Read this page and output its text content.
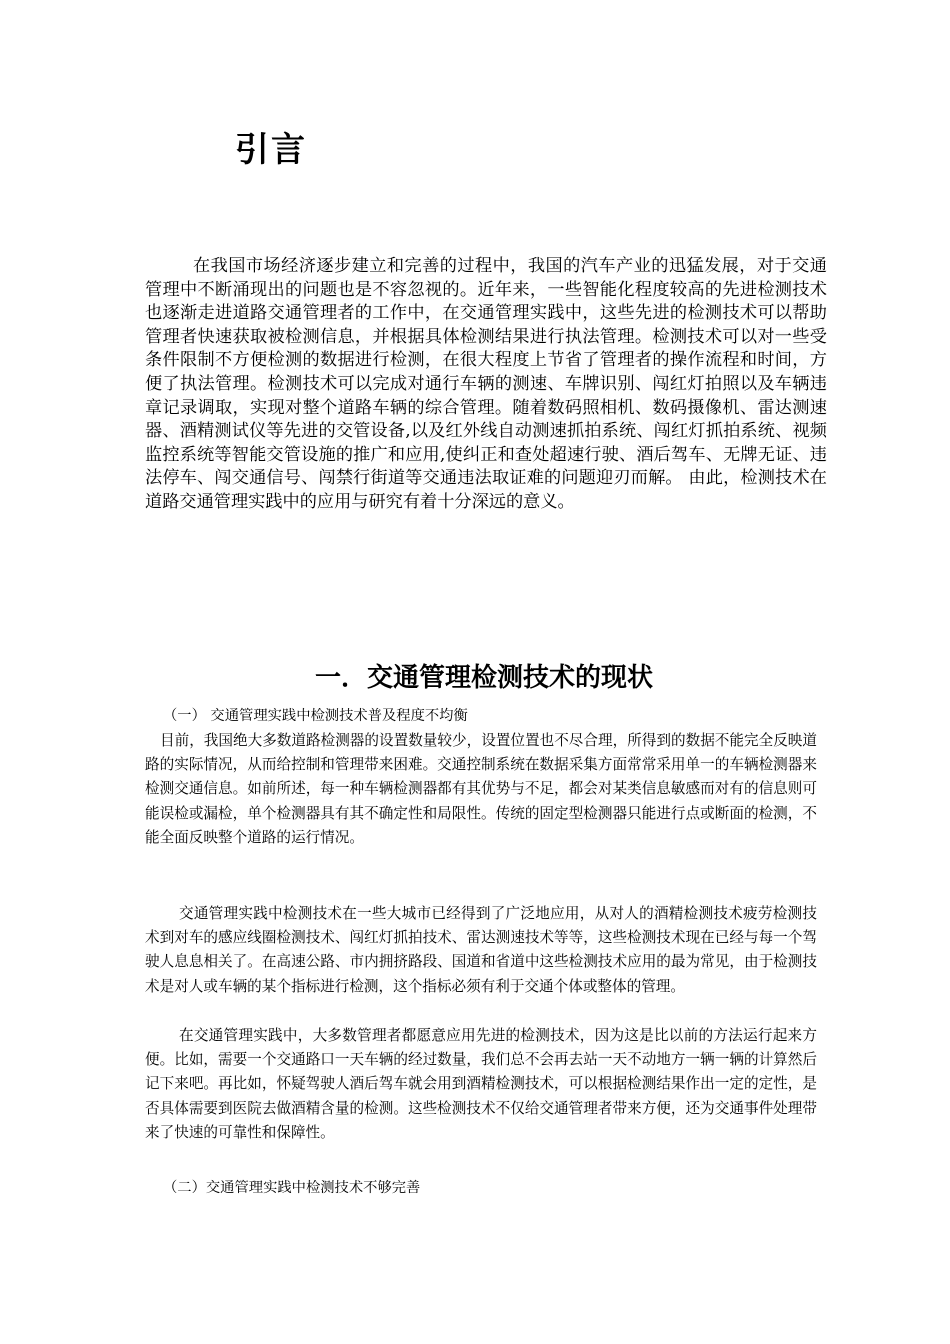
引言

在我国市场经济逐步建立和完善的过程中，我国的汽车产业的迅猛发展，对于交通管理中不断涌现出的问题也是不容忽视的。近年来，一些智能化程度较高的先进检测技术也逐渐走进道路交通管理者的工作中，在交通管理实践中，这些先进的检测技术可以帮助管理者快速获取被检测信息，并根据具体检测结果进行执法管理。检测技术可以对一些受条件限制不方便检测的数据进行检测，在很大程度上节省了管理者的操作流程和时间，方便了执法管理。检测技术可以完成对通行车辆的测速、车牌识别、闯红灯拍照以及车辆违章记录调取，实现对整个道路车辆的综合管理。随着数码照相机、数码摄像机、雷达测速器、酒精测试仪等先进的交管设备,以及红外线自动测速抓拍系统、闯红灯抓拍系统、视频监控系统等智能交管设施的推广和应用,使纠正和查处超速行驶、酒后驾车、无牌无证、违法停车、闯交通信号、闯禁行街道等交通违法取证难的问题迎刃而解。 由此，检测技术在道路交通管理实践中的应用与研究有着十分深远的意义。

一．交通管理检测技术的现状

（一） 交通管理实践中检测技术普及程度不均衡

目前，我国绝大多数道路检测器的设置数量较少，设置位置也不尽合理，所得到的数据不能完全反映道路的实际情况，从而给控制和管理带来困难。交通控制系统在数据采集方面常常采用单一的车辆检测器来检测交通信息。如前所述，每一种车辆检测器都有其优势与不足，都会对某类信息敏感而对有的信息则可能误检或漏检，单个检测器具有其不确定性和局限性。传统的固定型检测器只能进行点或断面的检测，不能全面反映整个道路的运行情况。

交通管理实践中检测技术在一些大城市已经得到了广泛地应用，从对人的酒精检测技术疲劳检测技术到对车的感应线圈检测技术、闯红灯抓拍技术、雷达测速技术等等，这些检测技术现在已经与每一个驾驶人息息相关了。在高速公路、市内拥挤路段、国道和省道中这些检测技术应用的最为常见，由于检测技术是对人或车辆的某个指标进行检测，这个指标必须有利于交通个体或整体的管理。

在交通管理实践中，大多数管理者都愿意应用先进的检测技术，因为这是比以前的方法运行起来方便。比如，需要一个交通路口一天车辆的经过数量，我们总不会再去站一天不动地方一辆一辆的计算然后记下来吧。再比如，怀疑驾驶人酒后驾车就会用到酒精检测技术，可以根据检测结果作出一定的定性，是否具体需要到医院去做酒精含量的检测。这些检测技术不仅给交通管理者带来方便，还为交通事件处理带来了快速的可靠性和保障性。

（二）交通管理实践中检测技术不够完善
